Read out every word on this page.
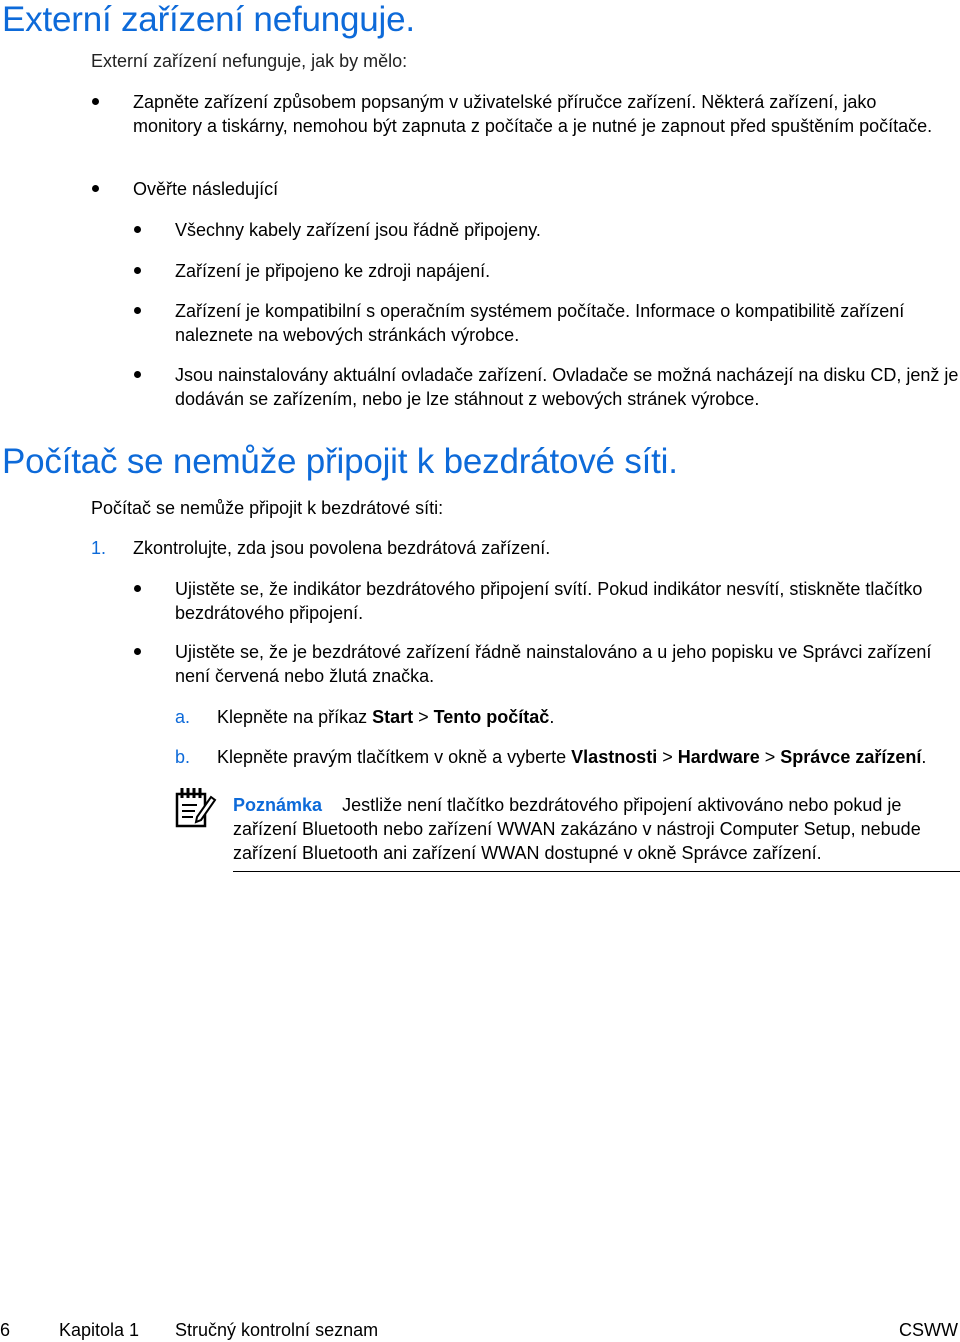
Externí zařízení nefunguje.

Externí zařízení nefunguje, jak by mělo:

Zapněte zařízení způsobem popsaným v uživatelské příručce zařízení. Některá zařízení, jako monitory a tiskárny, nemohou být zapnuta z počítače a je nutné je zapnout před spuštěním počítače.

Ověřte následující

Všechny kabely zařízení jsou řádně připojeny.

Zařízení je připojeno ke zdroji napájení.

Zařízení je kompatibilní s operačním systémem počítače. Informace o kompatibilitě zařízení naleznete na webových stránkách výrobce.

Jsou nainstalovány aktuální ovladače zařízení. Ovladače se možná nacházejí na disku CD, jenž je dodáván se zařízením, nebo je lze stáhnout z webových stránek výrobce.

Počítač se nemůže připojit k bezdrátové síti.

Počítač se nemůže připojit k bezdrátové síti:

1. Zkontrolujte, zda jsou povolena bezdrátová zařízení.

Ujistěte se, že indikátor bezdrátového připojení svítí. Pokud indikátor nesvítí, stiskněte tlačítko bezdrátového připojení.

Ujistěte se, že je bezdrátové zařízení řádně nainstalováno a u jeho popisku ve Správci zařízení není červená nebo žlutá značka.

a. Klepněte na příkaz Start > Tento počítač.

b. Klepněte pravým tlačítkem v okně a vyberte Vlastnosti > Hardware > Správce zařízení.

Poznámka Jestliže není tlačítko bezdrátového připojení aktivováno nebo pokud je zařízení Bluetooth nebo zařízení WWAN zakázáno v nástroji Computer Setup, nebude zařízení Bluetooth ani zařízení WWAN dostupné v okně Správce zařízení.

6	Kapitola 1 Stručný kontrolní seznam	CSWW
